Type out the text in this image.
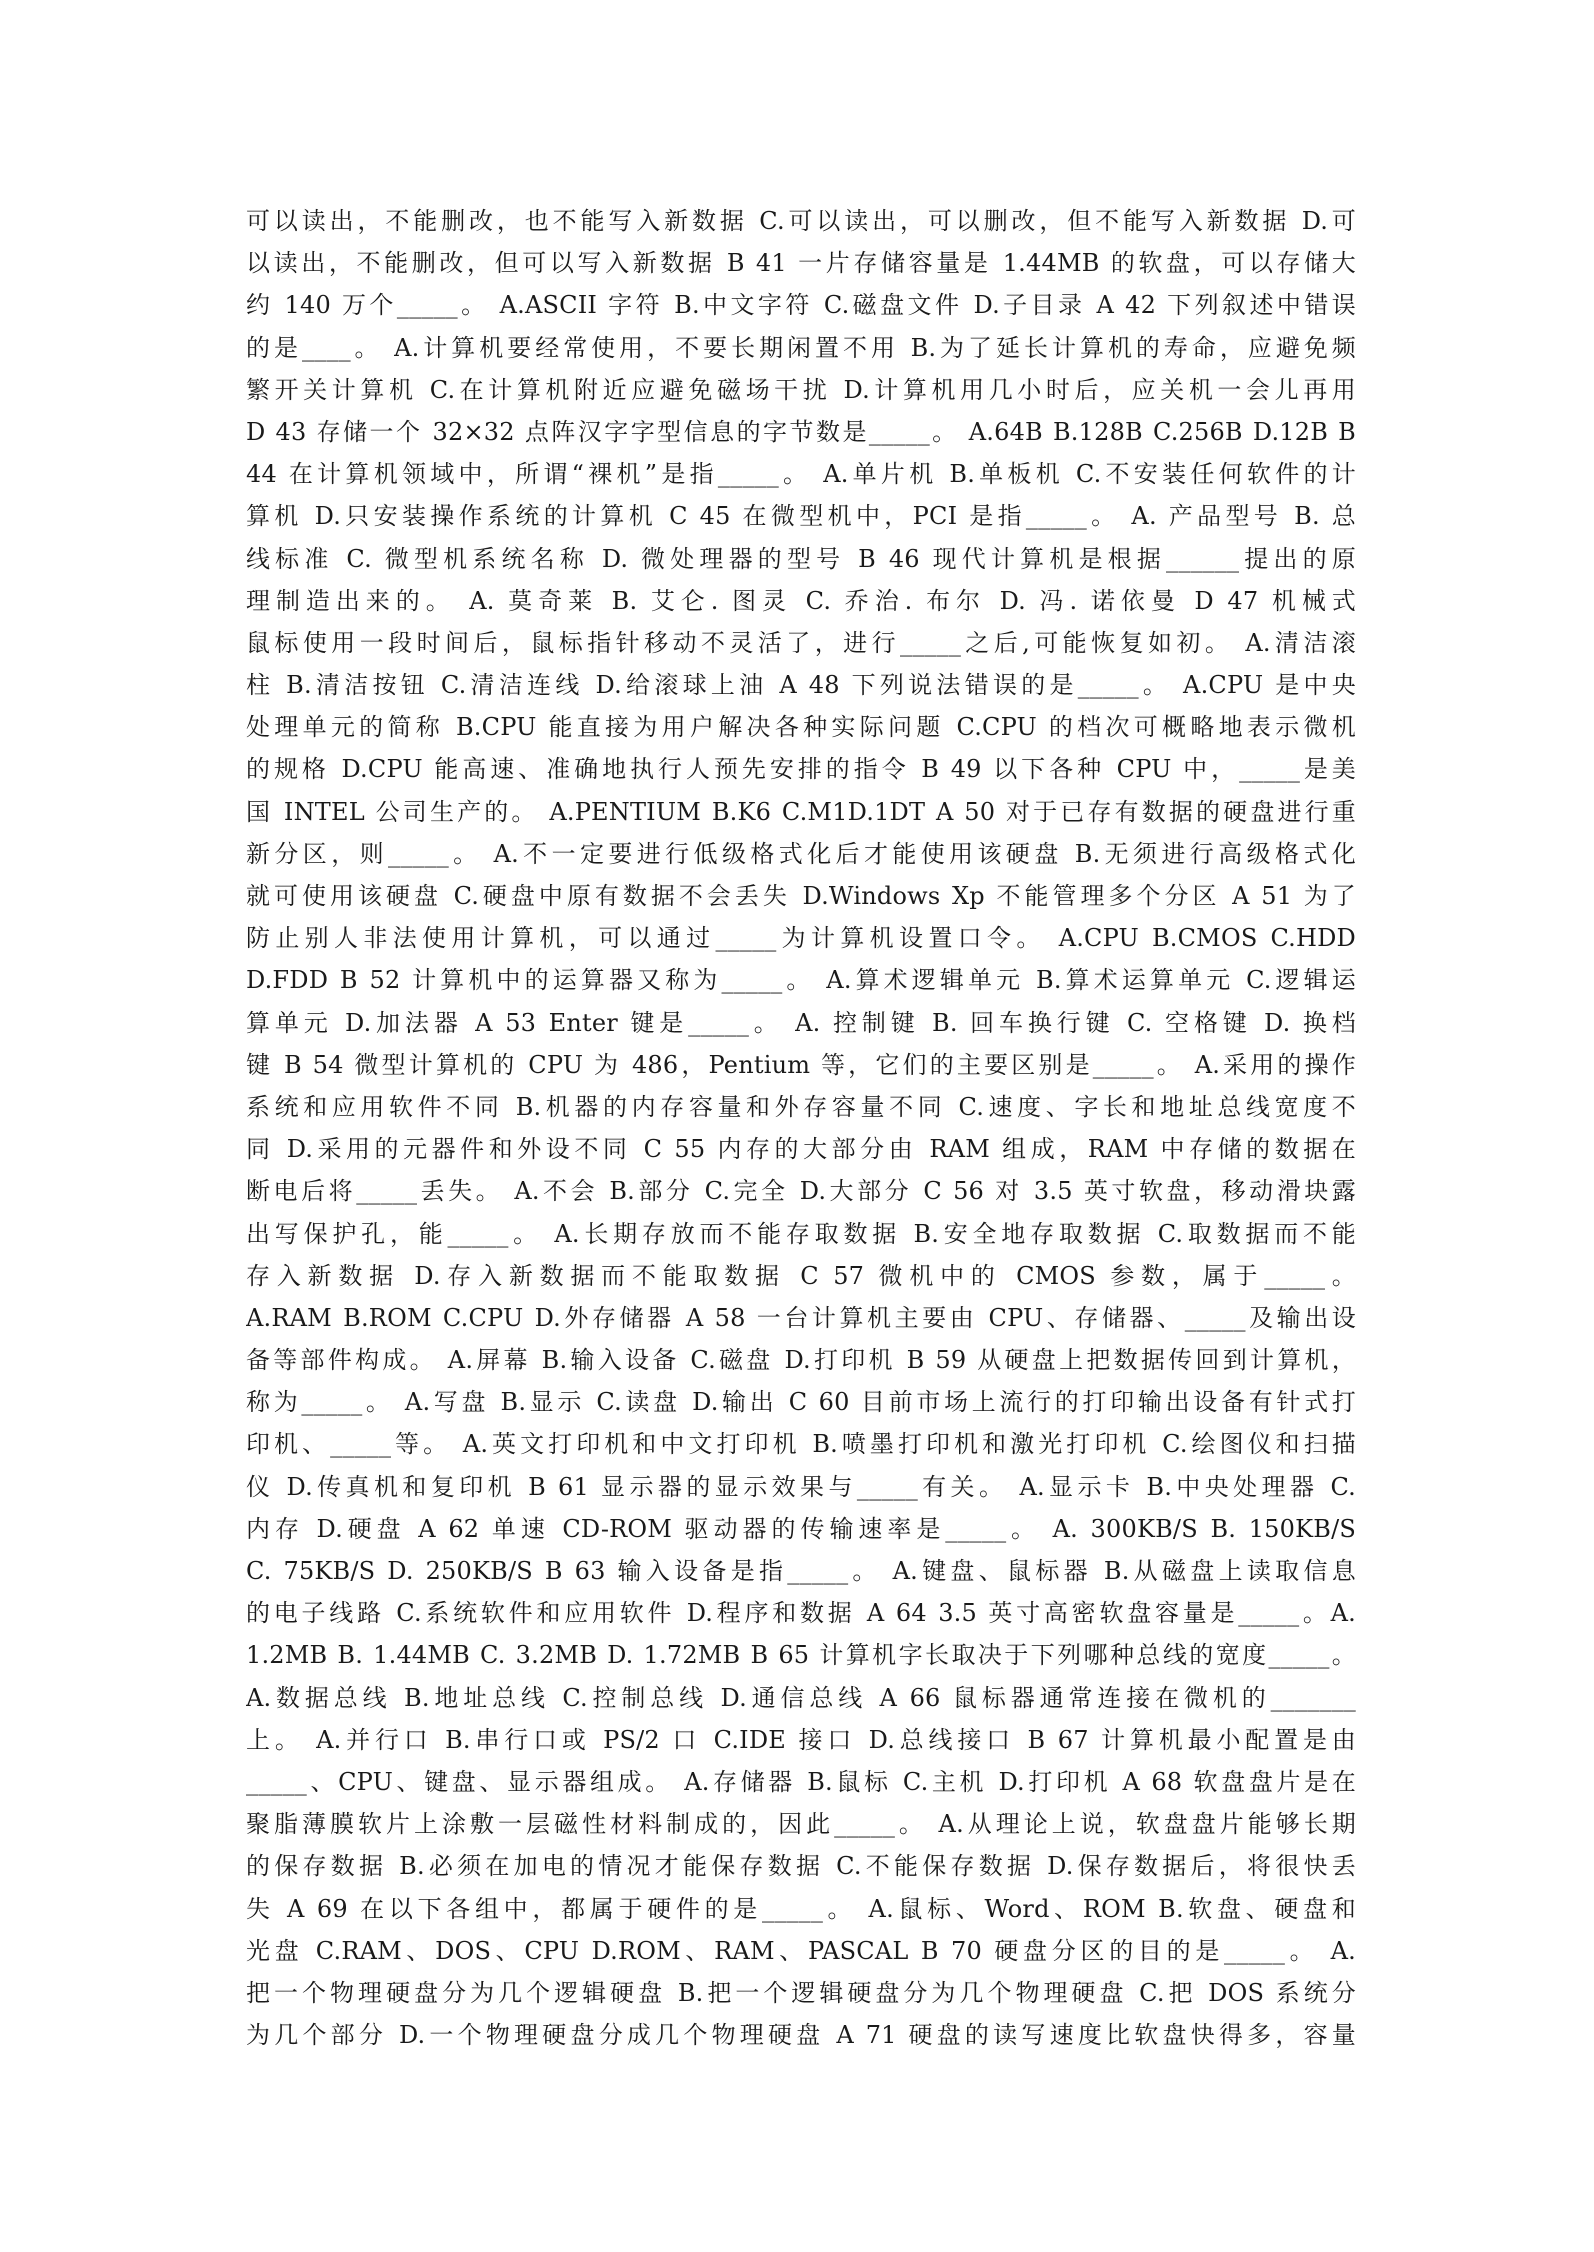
可以读出，不能删改，也不能写入新数据 C.可以读出，可以删改，但不能写入新数据 D.可
以读出，不能删改，但可以写入新数据 B 41 一片存储容量是 1.44MB 的软盘，可以存储大
约 140 万个_____。 A.ASCII 字符 B.中文字符 C.磁盘文件 D.子目录 A 42 下列叙述中错误
的是____。 A.计算机要经常使用，不要长期闲置不用 B.为了延长计算机的寿命，应避免频
繁开关计算机 C.在计算机附近应避免磁场干扰 D.计算机用几小时后，应关机一会儿再用
D 43 存储一个 32×32 点阵汉字字型信息的字节数是_____。 A.64B B.128B C.256B D.12B B
44 在计算机领域中，所谓“裸机”是指_____。 A.单片机 B.单板机 C.不安装任何软件的计
算机 D.只安装操作系统的计算机 C 45 在微型机中，PCI 是指_____。 A. 产品型号 B. 总
线标准 C. 微型机系统名称 D. 微处理器的型号 B 46 现代计算机是根据______提出的原
理制造出来的。 A. 莫奇莱 B. 艾仑. 图灵 C. 乔治. 布尔 D. 冯. 诺依曼 D 47 机械式
鼠标使用一段时间后，鼠标指针移动不灵活了，进行_____之后,可能恢复如初。 A.清洁滚
柱 B.清洁按钮 C.清洁连线 D.给滚球上油 A 48 下列说法错误的是_____。 A.CPU 是中央
处理单元的简称 B.CPU 能直接为用户解决各种实际问题 C.CPU 的档次可概略地表示微机
的规格 D.CPU 能高速、准确地执行人预先安排的指令 B 49 以下各种 CPU 中，_____是美
国 INTEL 公司生产的。 A.PENTIUM B.K6 C.M1D.1DT A 50 对于已存有数据的硬盘进行重
新分区，则_____。 A.不一定要进行低级格式化后才能使用该硬盘 B.无须进行高级格式化
就可使用该硬盘 C.硬盘中原有数据不会丢失 D.Windows Xp 不能管理多个分区 A 51 为了
防止别人非法使用计算机，可以通过_____为计算机设置口令。 A.CPU B.CMOS C.HDD
D.FDD B 52 计算机中的运算器又称为_____。 A.算术逻辑单元 B.算术运算单元 C.逻辑运
算单元 D.加法器 A 53 Enter 键是_____。 A. 控制键 B. 回车换行键 C. 空格键 D. 换档
键 B 54 微型计算机的 CPU 为 486，Pentium 等，它们的主要区别是_____。 A.采用的操作
系统和应用软件不同 B.机器的内存容量和外存容量不同 C.速度、字长和地址总线宽度不
同 D.采用的元器件和外设不同 C 55 内存的大部分由 RAM 组成，RAM 中存储的数据在
断电后将_____丢失。 A.不会 B.部分 C.完全 D.大部分 C 56 对 3.5 英寸软盘，移动滑块露
出写保护孔，能_____。 A.长期存放而不能存取数据 B.安全地存取数据 C.取数据而不能
存入新数据 D.存入新数据而不能取数据 C 57 微机中的 CMOS 参数，属于_____。
A.RAM B.ROM C.CPU D.外存储器 A 58 一台计算机主要由 CPU、存储器、_____及输出设
备等部件构成。 A.屏幕 B.输入设备 C.磁盘 D.打印机 B 59 从硬盘上把数据传回到计算机，
称为_____。 A.写盘 B.显示 C.读盘 D.输出 C 60 目前市场上流行的打印输出设备有针式打
印机、_____等。 A.英文打印机和中文打印机 B.喷墨打印机和激光打印机 C.绘图仪和扫描
仪 D.传真机和复印机 B 61 显示器的显示效果与_____有关。 A.显示卡 B.中央处理器 C.
内存 D.硬盘 A 62 单速 CD-ROM 驱动器的传输速率是_____。 A. 300KB/S B. 150KB/S
C. 75KB/S D. 250KB/S B 63 输入设备是指_____。 A.键盘、鼠标器 B.从磁盘上读取信息
的电子线路 C.系统软件和应用软件 D.程序和数据 A 64 3.5 英寸高密软盘容量是_____。A.
1.2MB B. 1.44MB C. 3.2MB D. 1.72MB B 65 计算机字长取决于下列哪种总线的宽度_____。
A.数据总线 B.地址总线 C.控制总线 D.通信总线 A 66 鼠标器通常连接在微机的_______
上。 A.并行口 B.串行口或 PS/2 口 C.IDE 接口 D.总线接口 B 67 计算机最小配置是由
_____、CPU、键盘、显示器组成。 A.存储器 B.鼠标 C.主机 D.打印机 A 68 软盘盘片是在
聚脂薄膜软片上涂敷一层磁性材料制成的，因此_____。 A.从理论上说，软盘盘片能够长期
的保存数据 B.必须在加电的情况才能保存数据 C.不能保存数据 D.保存数据后，将很快丢
失 A 69 在以下各组中，都属于硬件的是_____。 A.鼠标、Word、ROM B.软盘、硬盘和
光盘 C.RAM、DOS、CPU D.ROM、RAM、PASCAL B 70 硬盘分区的目的是_____。 A.
把一个物理硬盘分为几个逻辑硬盘 B.把一个逻辑硬盘分为几个物理硬盘 C.把 DOS 系统分
为几个部分 D.一个物理硬盘分成几个物理硬盘 A 71 硬盘的读写速度比软盘快得多，容量
